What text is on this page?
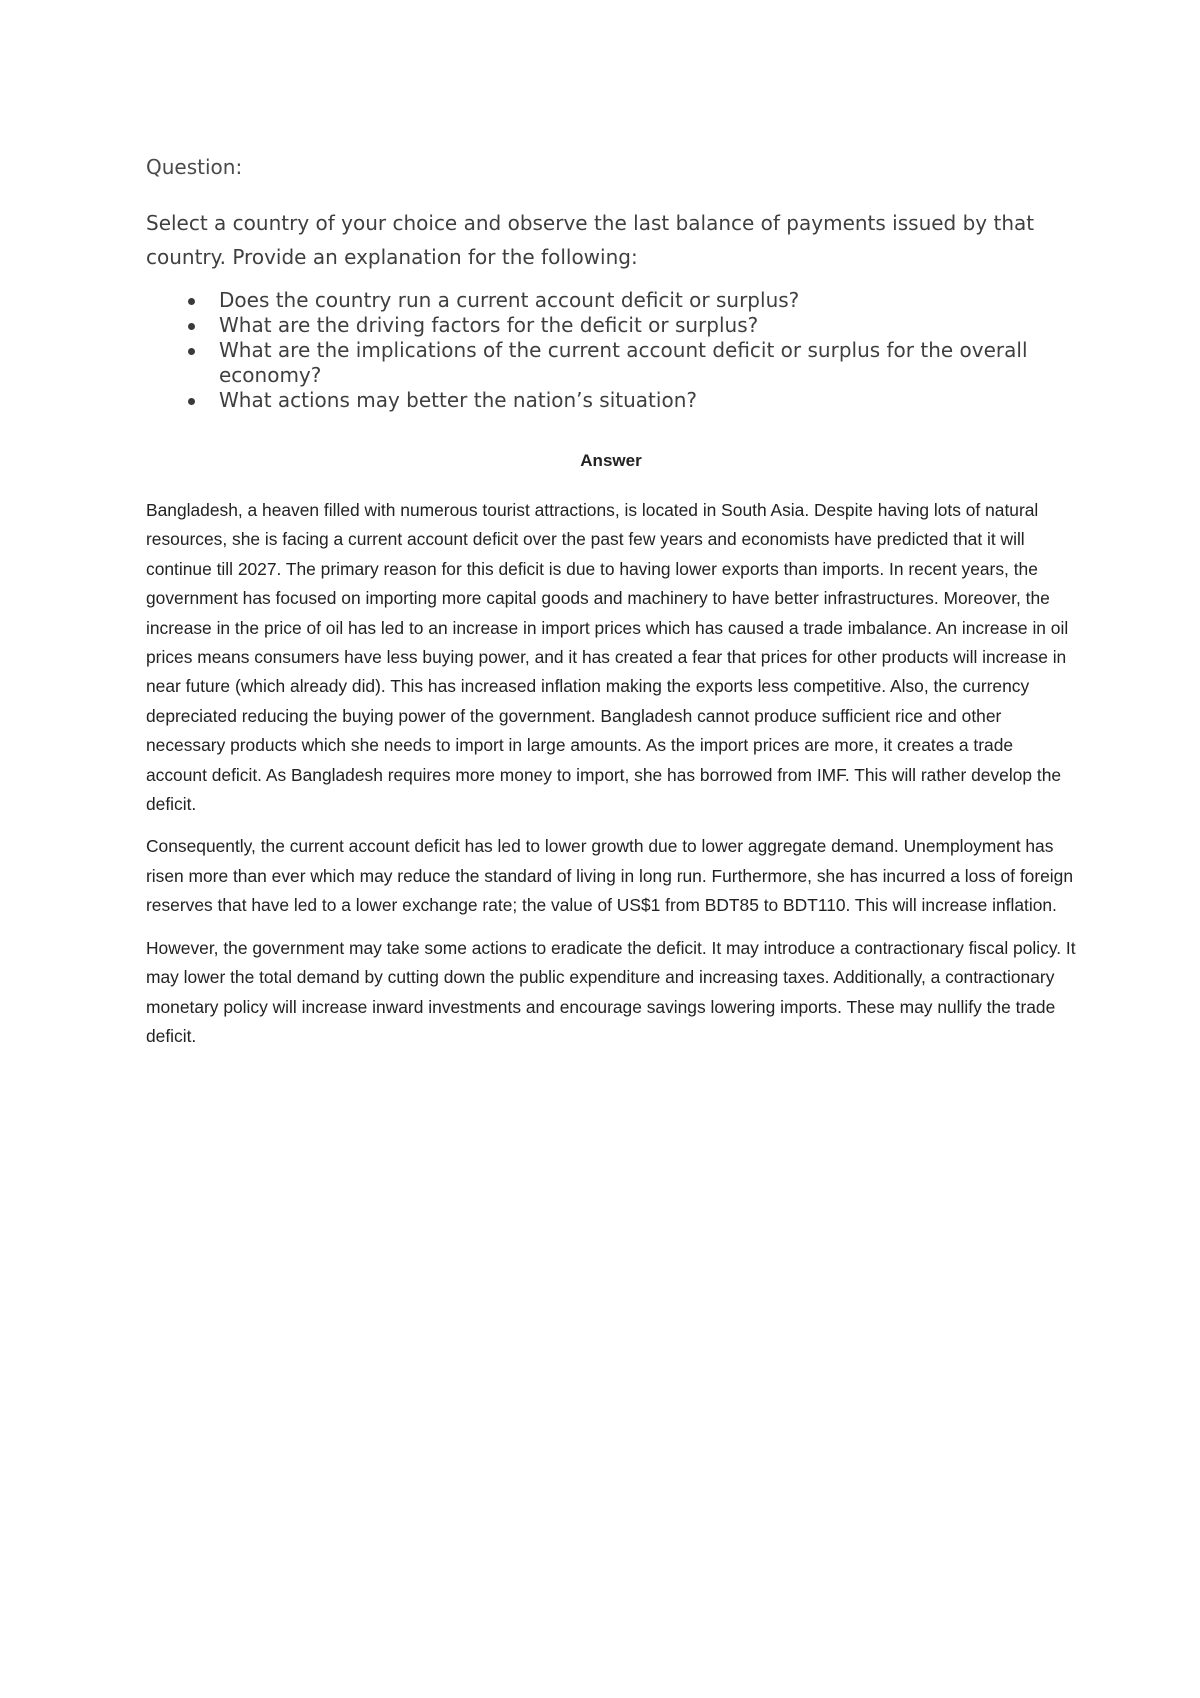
Question:

Select a country of your choice and observe the last balance of payments issued by that country. Provide an explanation for the following:

Does the country run a current account deficit or surplus?
What are the driving factors for the deficit or surplus?
What are the implications of the current account deficit or surplus for the overall economy?
What actions may better the nation’s situation?
Answer

Bangladesh, a heaven filled with numerous tourist attractions, is located in South Asia. Despite having lots of natural resources, she is facing a current account deficit over the past few years and economists have predicted that it will continue till 2027. The primary reason for this deficit is due to having lower exports than imports. In recent years, the government has focused on importing more capital goods and machinery to have better infrastructures. Moreover, the increase in the price of oil has led to an increase in import prices which has caused a trade imbalance. An increase in oil prices means consumers have less buying power, and it has created a fear that prices for other products will increase in near future (which already did). This has increased inflation making the exports less competitive. Also, the currency depreciated reducing the buying power of the government. Bangladesh cannot produce sufficient rice and other necessary products which she needs to import in large amounts. As the import prices are more, it creates a trade account deficit. As Bangladesh requires more money to import, she has borrowed from IMF. This will rather develop the deficit.

Consequently, the current account deficit has led to lower growth due to lower aggregate demand. Unemployment has risen more than ever which may reduce the standard of living in long run. Furthermore, she has incurred a loss of foreign reserves that have led to a lower exchange rate; the value of US$1 from BDT85 to BDT110. This will increase inflation.

However, the government may take some actions to eradicate the deficit. It may introduce a contractionary fiscal policy. It may lower the total demand by cutting down the public expenditure and increasing taxes. Additionally, a contractionary monetary policy will increase inward investments and encourage savings lowering imports. These may nullify the trade deficit.
